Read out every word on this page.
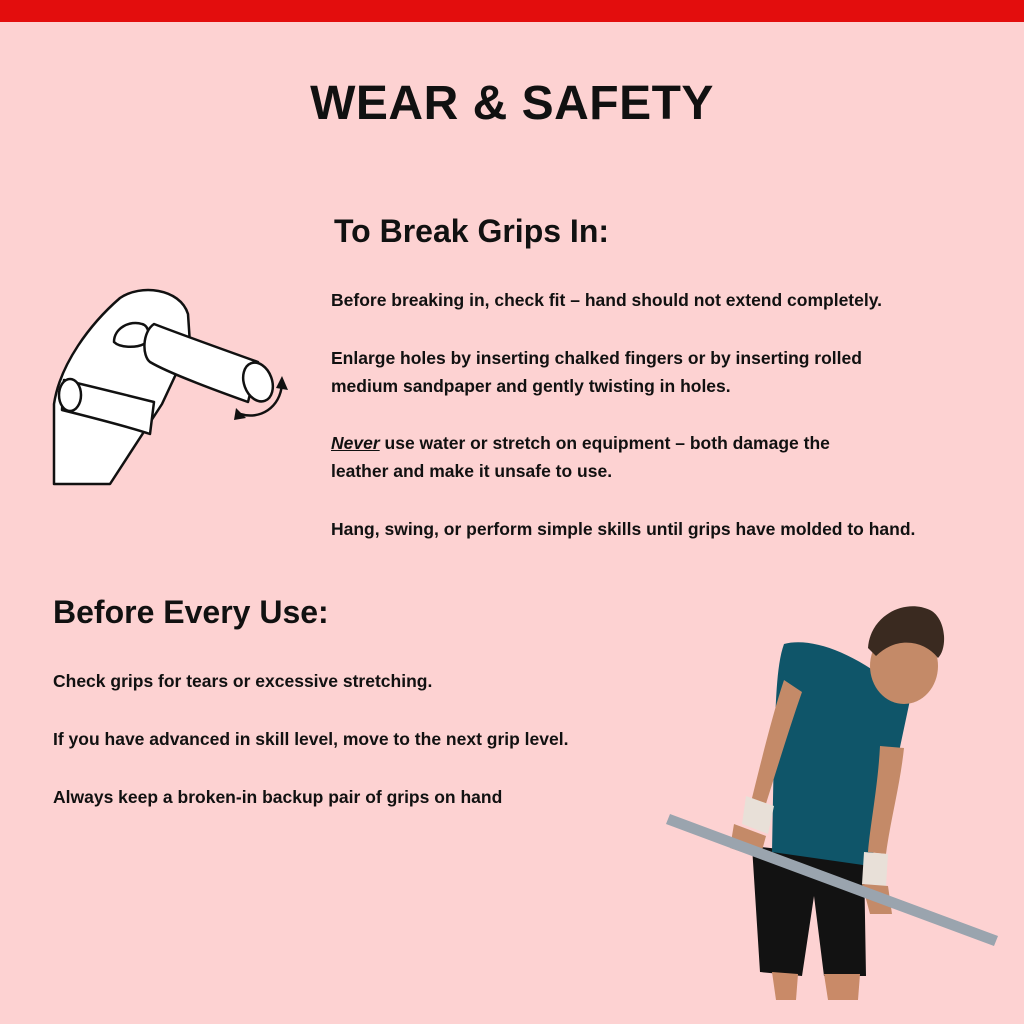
WEAR & SAFETY
To Break Grips In:

Before breaking in, check fit – hand should not extend completely.

Enlarge holes by inserting chalked fingers or by inserting rolled

medium sandpaper and gently twisting in holes.

Never use water or stretch on equipment – both damage the

leather and make it unsafe to use.

Hang, swing, or perform simple skills until grips have molded to hand.

Before Every Use:

Check grips for tears or excessive stretching.

If you have advanced in skill level, move to the next grip level.

Always keep a broken-in backup pair of grips on hand
